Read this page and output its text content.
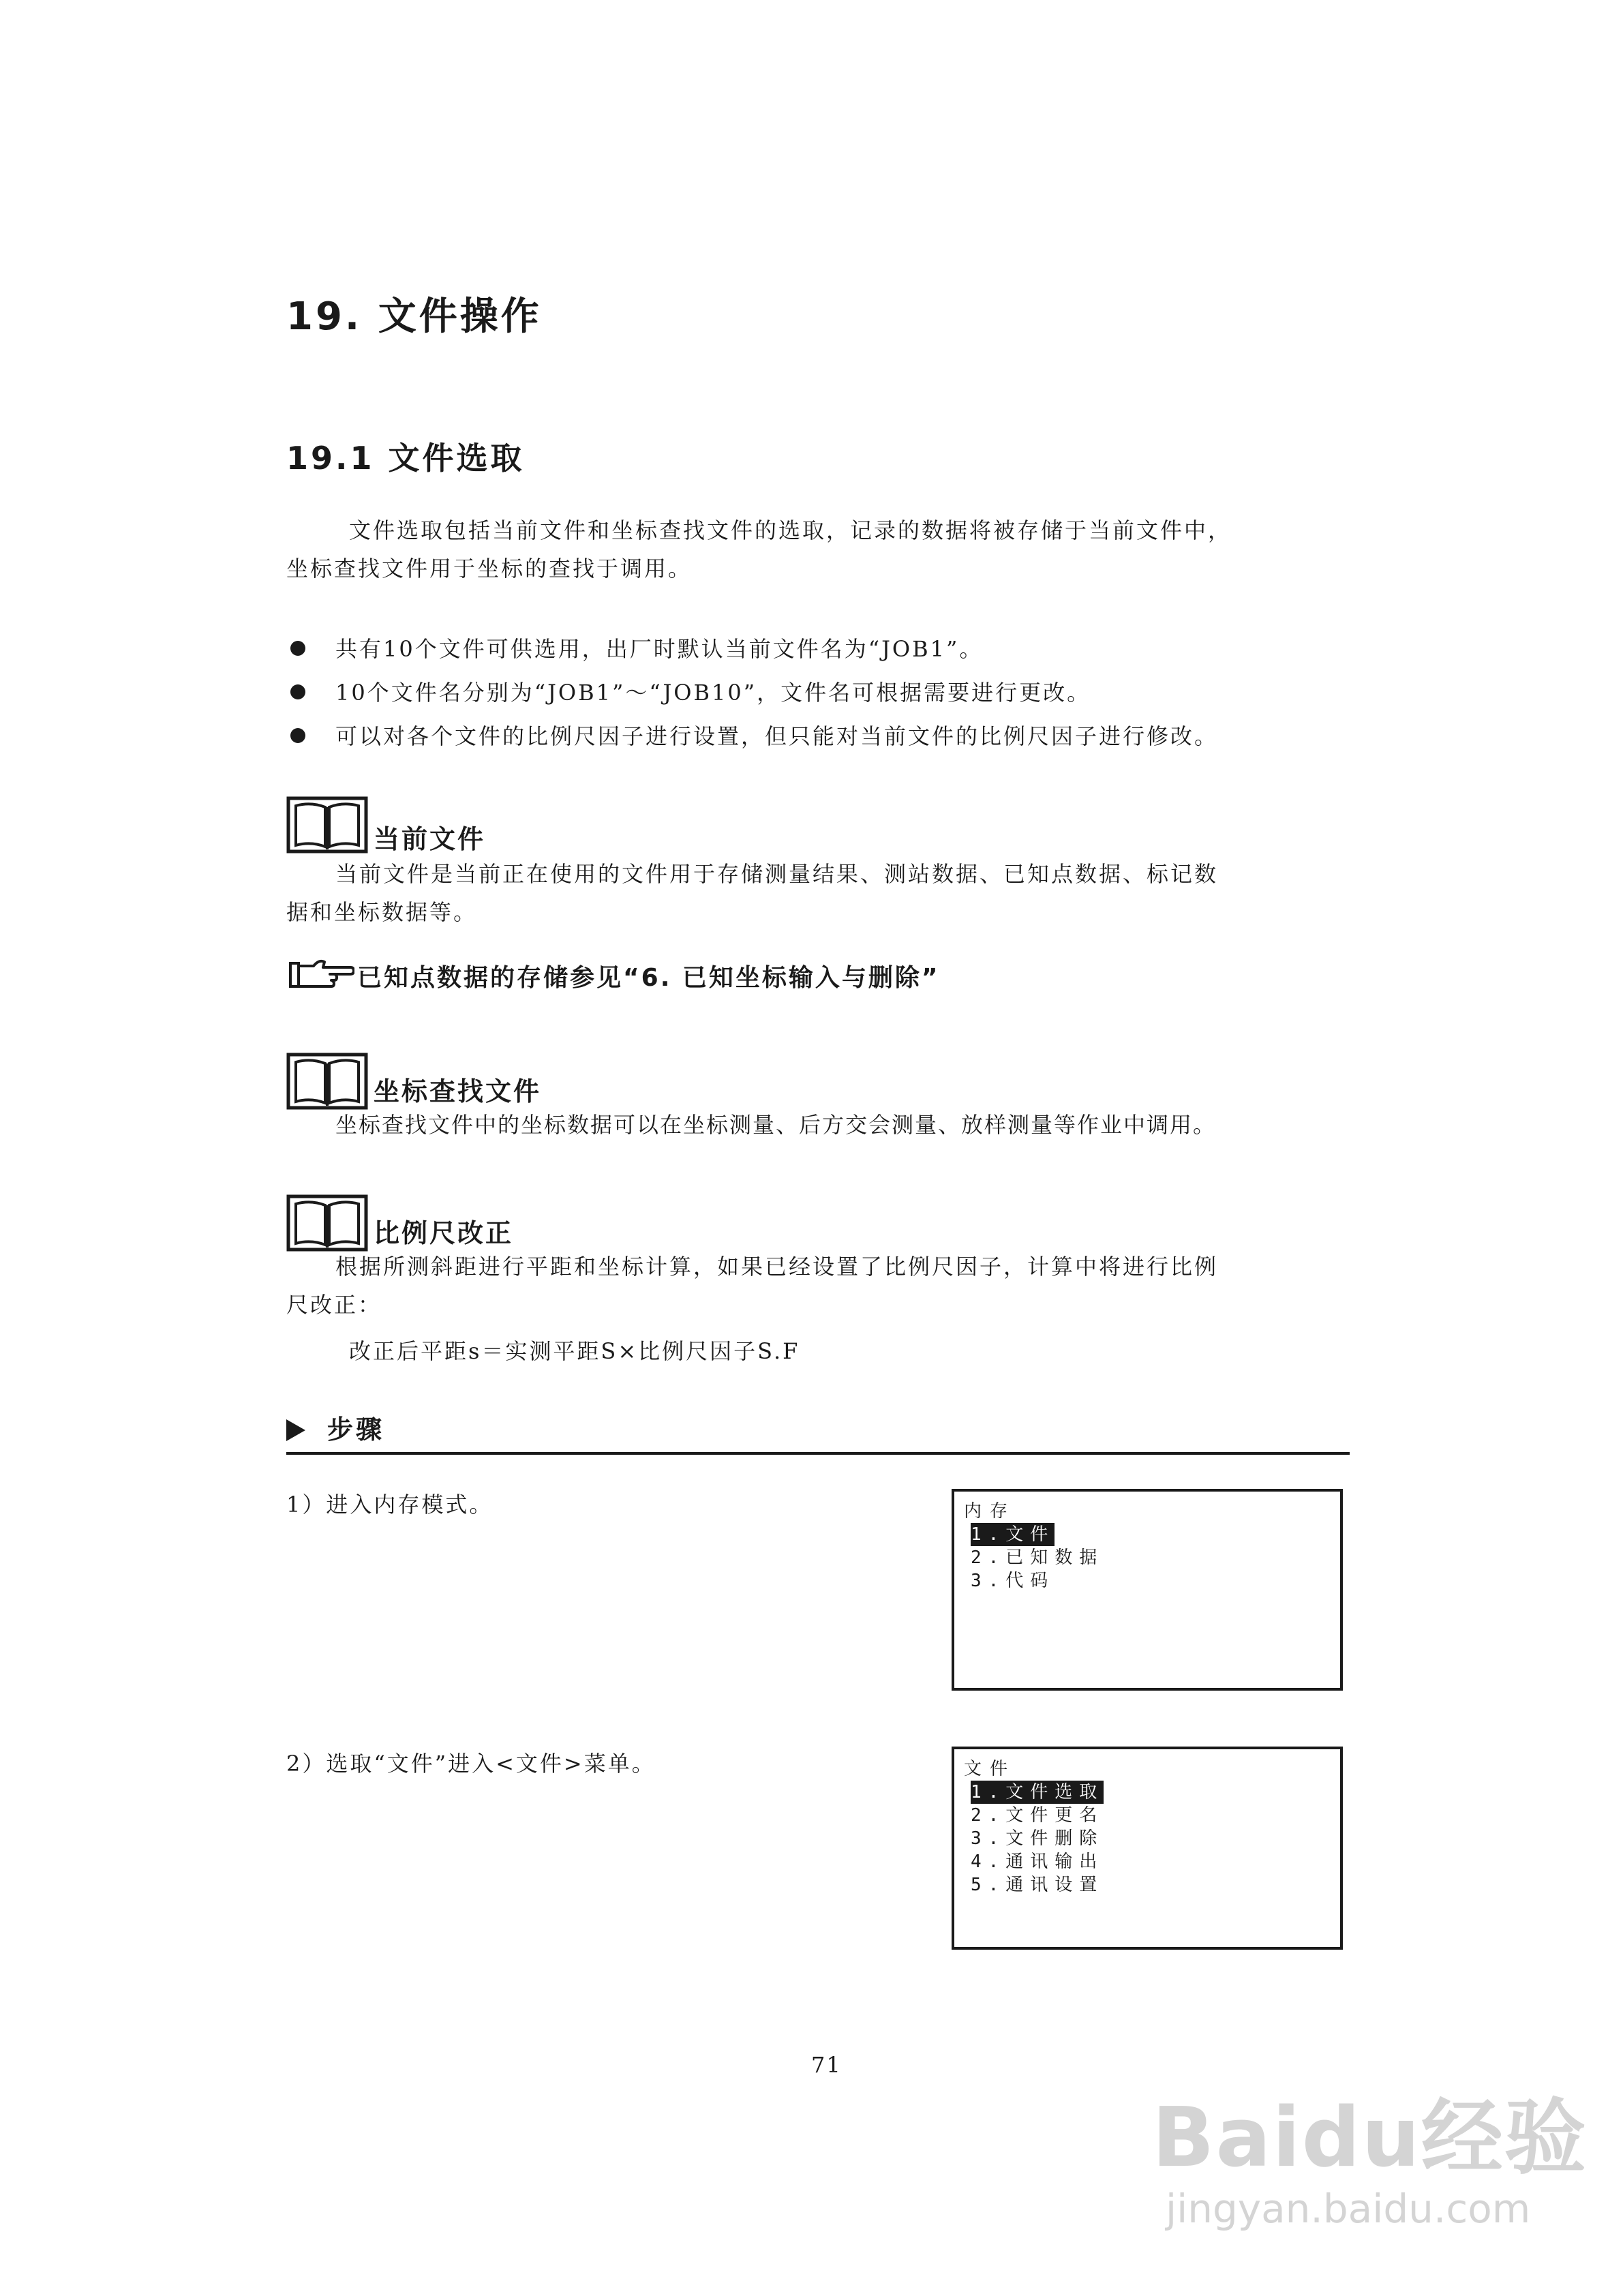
19. 文件操作
19.1 文件选取
文件选取包括当前文件和坐标查找文件的选取，记录的数据将被存储于当前文件中，
坐标查找文件用于坐标的查找于调用。
共有10个文件可供选用，出厂时默认当前文件名为“JOB1”。
10个文件名分别为“JOB1”～“JOB10”，文件名可根据需要进行更改。
可以对各个文件的比例尺因子进行设置，但只能对当前文件的比例尺因子进行修改。
当前文件
当前文件是当前正在使用的文件用于存储测量结果、测站数据、已知点数据、标记数
据和坐标数据等。
已知点数据的存储参见“6. 已知坐标输入与删除”
坐标查找文件
坐标查找文件中的坐标数据可以在坐标测量、后方交会测量、放样测量等作业中调用。
比例尺改正
根据所测斜距进行平距和坐标计算，如果已经设置了比例尺因子，计算中将进行比例
尺改正：
改正后平距s＝实测平距S×比例尺因子S.F
步骤
1）进入内存模式。	内存
1.文件
2.已知数据
3.代码
2）选取“文件”进入<文件>菜单。	文件
1.文件选取
2.文件更名
3.文件删除
4.通讯输出
5.通讯设置
71
Baidu经验
jingyan.baidu.com
